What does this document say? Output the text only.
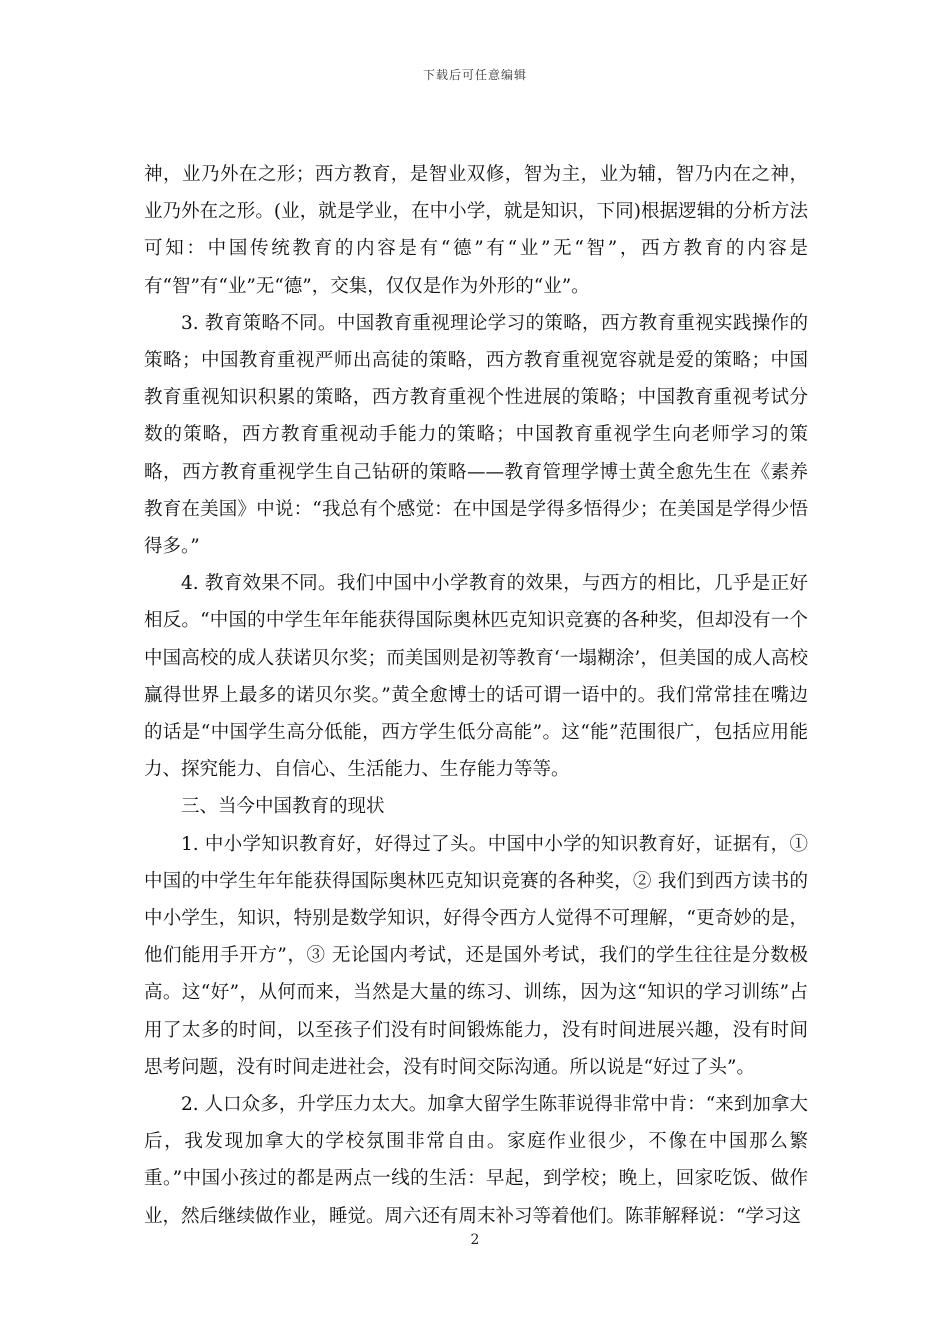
下载后可任意编辑

神，业乃外在之形；西方教育，是智业双修，智为主，业为辅，智乃内在之神，业乃外在之形。(业，就是学业，在中小学，就是知识，下同)根据逻辑的分析方法可知：中国传统教育的内容是有“德”有“业”无“智”，西方教育的内容是有“智”有“业”无“德”，交集，仅仅是作为外形的“业”。

3. 教育策略不同。中国教育重视理论学习的策略，西方教育重视实践操作的策略；中国教育重视严师出高徒的策略，西方教育重视宽容就是爱的策略；中国教育重视知识积累的策略，西方教育重视个性进展的策略；中国教育重视考试分数的策略，西方教育重视动手能力的策略；中国教育重视学生向老师学习的策略，西方教育重视学生自己钻研的策略——教育管理学博士黄全愈先生在《素养教育在美国》中说：“我总有个感觉：在中国是学得多悟得少；在美国是学得少悟得多。”

4. 教育效果不同。我们中国中小学教育的效果，与西方的相比，几乎是正好相反。“中国的中学生年年能获得国际奥林匹克知识竞赛的各种奖，但却没有一个中国高校的成人获诺贝尔奖；而美国则是初等教育‘一塌糊涂’，但美国的成人高校赢得世界上最多的诺贝尔奖。”黄全愈博士的话可谓一语中的。我们常常挂在嘴边的话是“中国学生高分低能，西方学生低分高能”。这“能”范围很广，包括应用能力、探究能力、自信心、生活能力、生存能力等等。

三、当今中国教育的现状

1. 中小学知识教育好，好得过了头。中国中小学的知识教育好，证据有，①中国的中学生年年能获得国际奥林匹克知识竞赛的各种奖，② 我们到西方读书的中小学生，知识，特别是数学知识，好得令西方人觉得不可理解，“更奇妙的是，他们能用手开方”，③ 无论国内考试，还是国外考试，我们的学生往往是分数极高。这“好”，从何而来，当然是大量的练习、训练，因为这“知识的学习训练”占用了太多的时间，以至孩子们没有时间锻炼能力，没有时间进展兴趣，没有时间思考问题，没有时间走进社会，没有时间交际沟通。所以说是“好过了头”。

2. 人口众多，升学压力太大。加拿大留学生陈菲说得非常中肯：“来到加拿大后，我发现加拿大的学校氛围非常自由。家庭作业很少，不像在中国那么繁重。”中国小孩过的都是两点一线的生活：早起，到学校；晚上，回家吃饭、做作业，然后继续做作业，睡觉。周六还有周末补习等着他们。陈菲解释说：“学习这

2
